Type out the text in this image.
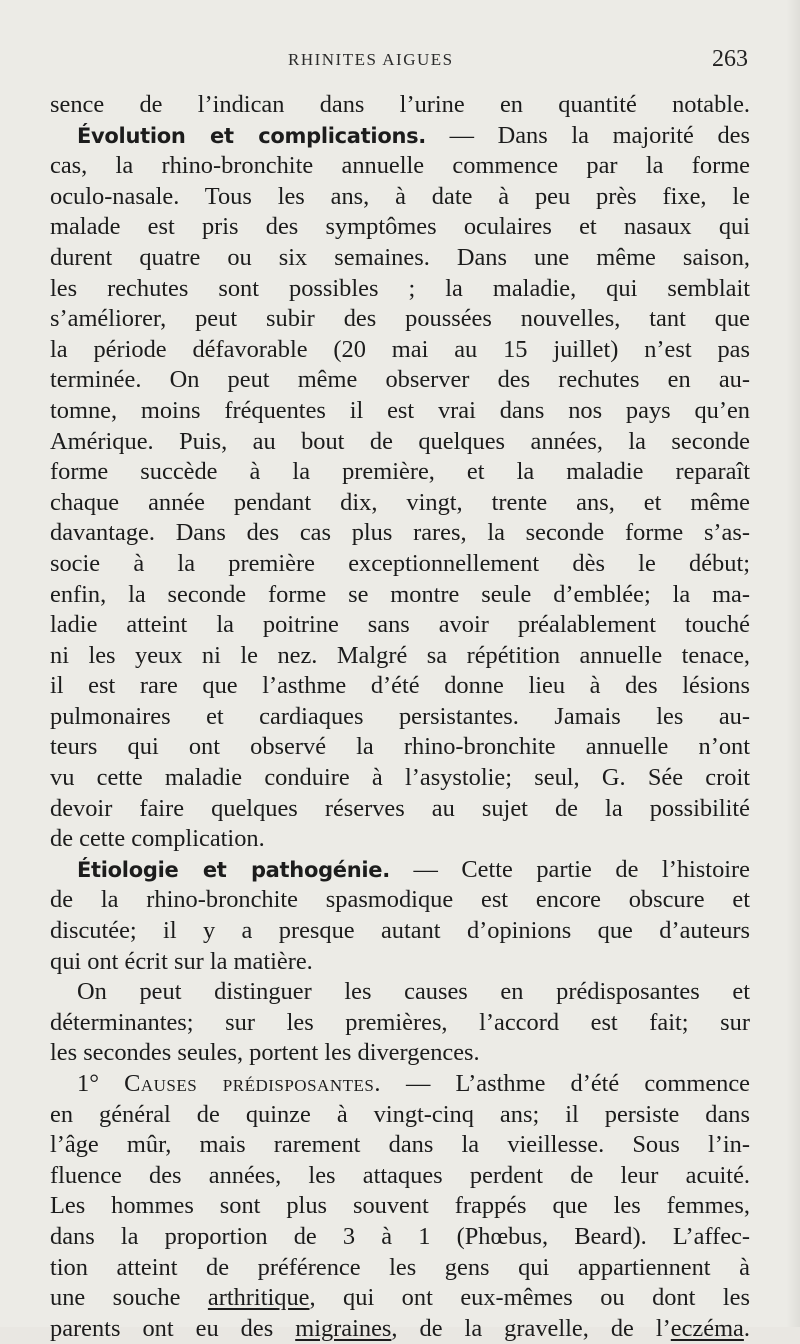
RHINITES AIGUES	263
sence de l’indican dans l’urine en quantité notable.
Évolution et complications. — Dans la majorité des
cas, la rhino-bronchite annuelle commence par la forme
oculo-nasale. Tous les ans, à date à peu près fixe, le
malade est pris des symptômes oculaires et nasaux qui
durent quatre ou six semaines. Dans une même saison,
les rechutes sont possibles ; la maladie, qui semblait
s’améliorer, peut subir des poussées nouvelles, tant que
la période défavorable (20 mai au 15 juillet) n’est pas
terminée. On peut même observer des rechutes en au-
tomne, moins fréquentes il est vrai dans nos pays qu’en
Amérique. Puis, au bout de quelques années, la seconde
forme succède à la première, et la maladie reparaît
chaque année pendant dix, vingt, trente ans, et même
davantage. Dans des cas plus rares, la seconde forme s’as-
socie à la première exceptionnellement dès le début;
enfin, la seconde forme se montre seule d’emblée; la ma-
ladie atteint la poitrine sans avoir préalablement touché
ni les yeux ni le nez. Malgré sa répétition annuelle tenace,
il est rare que l’asthme d’été donne lieu à des lésions
pulmonaires et cardiaques persistantes. Jamais les au-
teurs qui ont observé la rhino-bronchite annuelle n’ont
vu cette maladie conduire à l’asystolie; seul, G. Sée croit
devoir faire quelques réserves au sujet de la possibilité
de cette complication.
Étiologie et pathogénie. — Cette partie de l’histoire
de la rhino-bronchite spasmodique est encore obscure et
discutée; il y a presque autant d’opinions que d’auteurs
qui ont écrit sur la matière.
On peut distinguer les causes en prédisposantes et
déterminantes; sur les premières, l’accord est fait; sur
les secondes seules, portent les divergences.
1° Causes prédisposantes. — L’asthme d’été commence
en général de quinze à vingt-cinq ans; il persiste dans
l’âge mûr, mais rarement dans la vieillesse. Sous l’in-
fluence des années, les attaques perdent de leur acuité.
Les hommes sont plus souvent frappés que les femmes,
dans la proportion de 3 à 1 (Phœbus, Beard). L’affec-
tion atteint de préférence les gens qui appartiennent à
une souche arthritique, qui ont eux-mêmes ou dont les
parents ont eu des migraines, de la gravelle, de l’eczéma.
